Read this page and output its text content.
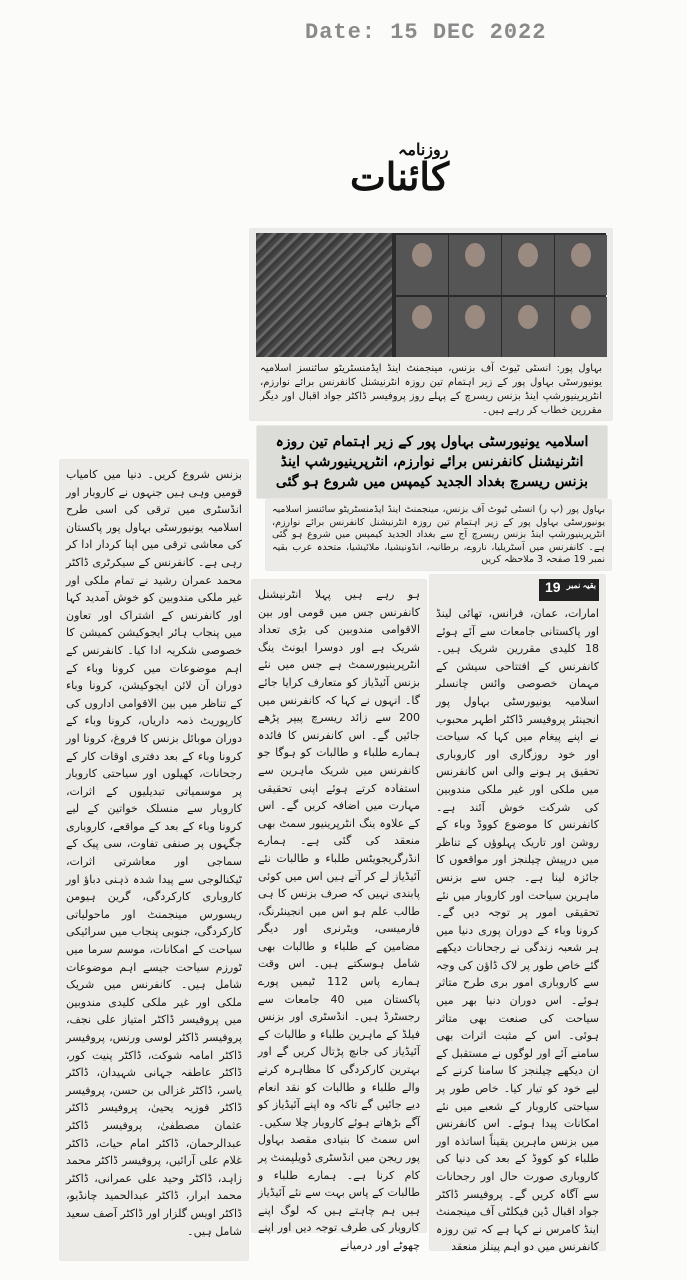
Date: 15 DEC 2022
روزنامہ
کائنات
بہاول پور: انسٹی ٹیوٹ آف بزنس، مینجمنٹ اینڈ ایڈمنسٹریٹو سائنسز اسلامیہ یونیورسٹی بہاول پور کے زیر اہتمام تین روزہ انٹرنیشنل کانفرنس برائے نوارزم، انٹرپرینیورشپ اینڈ بزنس ریسرچ کے پہلے روز پروفیسر ڈاکٹر جواد اقبال اور دیگر مقررین خطاب کر رہے ہیں۔
اسلامیہ یونیورسٹی بہاول پور کے زیر اہتمام تین روزہ انٹرنیشنل کانفرنس برائے نوارزم، انٹرپرینیورشپ اینڈ بزنس ریسرچ بغداد الجدید کیمپس میں شروع ہو گئی
بہاول پور (پ ر) انسٹی ٹیوٹ آف بزنس، مینجمنٹ اینڈ ایڈمنسٹریٹو سائنسز اسلامیہ یونیورسٹی بہاول پور کے زیر اہتمام تین روزہ انٹرنیشنل کانفرنس برائے نوارزم، انٹرپرینیورشپ اینڈ بزنس ریسرچ آج سے بغداد الجدید کیمپس میں شروع ہو گئی ہے۔ کانفرنس میں آسٹریلیا، ناروے، برطانیہ، انڈونیشیا، ملائیشیا، متحدہ عرب بقیہ نمبر 19 صفحہ 3 ملاحظہ کریں
19 بقیہ نمبر
امارات، عمان، فرانس، تھائی لینڈ اور پاکستانی جامعات سے آئے ہوئے 18 کلیدی مقررین شریک ہیں۔ کانفرنس کے افتتاحی سیشن کے مہمان خصوصی وائس چانسلر اسلامیہ یونیورسٹی بہاول پور انجینئر پروفیسر ڈاکٹر اطہر محبوب نے اپنے پیغام میں کہا کہ سیاحت اور خود روزگاری اور کاروباری تحقیق پر ہونے والی اس کانفرنس میں ملکی اور غیر ملکی مندوبین کی شرکت خوش آئند ہے۔ کانفرنس کا موضوع کووڈ وباء کے روشن اور تاریک پہلوؤں کے تناظر میں درپیش چیلنجز اور مواقعوں کا جائزہ لینا ہے۔ جس سے بزنس ماہرین سیاحت اور کاروبار میں نئے تحقیقی امور پر توجہ دیں گے۔ کرونا وباء کے دوران پوری دنیا میں ہر شعبہ زندگی نے رجحانات دیکھے گئے خاص طور پر لاک ڈاؤن کی وجہ سے کاروباری امور بری طرح متاثر ہوئے۔ اس دوران دنیا بھر میں سیاحت کی صنعت بھی متاثر ہوئی۔ اس کے مثبت اثرات بھی سامنے آئے اور لوگوں نے مستقبل کے ان دیکھے چیلنجز کا سامنا کرنے کے لیے خود کو تیار کیا۔ خاص طور پر سیاحتی کاروبار کے شعبے میں نئے امکانات پیدا ہوئے۔ اس کانفرنس میں بزنس ماہرین یقیناً اساتذہ اور طلباء کو کووڈ کے بعد کی دنیا کی کاروباری صورت حال اور رجحانات سے آگاہ کریں گے۔ پروفیسر ڈاکٹر جواد اقبال ڈین فیکلٹی آف مینجمنٹ اینڈ کامرس نے کہا ہے کہ تین روزہ کانفرنس میں دو اہم پینلز منعقد
ہو رہے ہیں پہلا انٹرنیشنل کانفرنس جس میں قومی اور بین الاقوامی مندوبین کی بڑی تعداد شریک ہے اور دوسرا ایونٹ ینگ انٹرپرینیورسمٹ ہے جس میں نئے بزنس آئیڈیاز کو متعارف کرایا جائے گا۔ انہوں نے کہا کہ کانفرنس میں 200 سے زائد ریسرچ پیپر پڑھے جائیں گے۔ اس کانفرنس کا فائدہ ہمارے طلباء و طالبات کو ہوگا جو کانفرنس میں شریک ماہرین سے استفادہ کرتے ہوئے اپنی تحقیقی مہارت میں اضافہ کریں گے۔ اس کے علاوہ ینگ انٹرپرینیور سمٹ بھی منعقد کی گئی ہے۔ ہمارے انڈرگریجویٹس طلباء و طالبات نئے آئیڈیاز لے کر آتے ہیں اس میں کوئی پابندی نہیں کہ صرف بزنس کا ہی طالب علم ہو اس میں انجینئرنگ، فارمیسی، ویٹرنری اور دیگر مضامین کے طلباء و طالبات بھی شامل ہوسکتے ہیں۔ اس وقت ہمارے پاس 112 ٹیمیں پورے پاکستان میں 40 جامعات سے رجسٹرڈ ہیں۔ انڈسٹری اور بزنس فیلڈ کے ماہرین طلباء و طالبات کے آئیڈیاز کی جانچ پڑتال کریں گے اور بہترین کارکردگی کا مظاہرہ کرنے والے طلباء و طالبات کو نقد انعام دیے جائیں گے تاکہ وہ اپنے آئیڈیاز کو آگے بڑھاتے ہوئے کاروبار چلا سکیں۔ اس سمٹ کا بنیادی مقصد بہاول پور ریجن میں انڈسٹری ڈویلپمنٹ پر کام کرنا ہے۔ ہمارے طلباء و طالبات کے پاس بہت سے نئے آئیڈیاز ہیں ہم چاہتے ہیں کہ لوگ اپنے کاروبار کی طرف توجہ دیں اور اپنے چھوٹے اور درمیانے
بزنس شروع کریں۔ دنیا میں کامیاب قومیں وہی ہیں جنہوں نے کاروبار اور انڈسٹری میں ترقی کی اسی طرح اسلامیہ یونیورسٹی بہاول پور پاکستان کی معاشی ترقی میں اپنا کردار ادا کر رہی ہے۔ کانفرنس کے سیکرٹری ڈاکٹر محمد عمران رشید نے تمام ملکی اور غیر ملکی مندوبین کو خوش آمدید کہا اور کانفرنس کے اشتراک اور تعاون میں پنجاب ہائر ایجوکیشن کمیشن کا خصوصی شکریہ ادا کیا۔ کانفرنس کے اہم موضوعات میں کرونا وباء کے دوران آن لائن ایجوکیشن، کرونا وباء کے تناظر میں بین الاقوامی اداروں کی کارپوریٹ ذمہ داریاں، کرونا وباء کے دوران موبائل بزنس کا فروغ، کرونا اور کرونا وباء کے بعد دفتری اوقات کار کے رجحانات، کھیلوں اور سیاحتی کاروبار پر موسمیاتی تبدیلیوں کے اثرات، کاروبار سے منسلک خواتین کے لیے کرونا وباء کے بعد کے مواقعے، کاروباری جگہوں پر صنفی تفاوت، سی پیک کے سماجی اور معاشرتی اثرات، ٹیکنالوجی سے پیدا شدہ ذہنی دباؤ اور کاروباری کارکردگی، گرین ہیومن ریسورس مینجمنٹ اور ماحولیاتی کارکردگی، جنوبی پنجاب میں سرائیکی سیاحت کے امکانات، موسم سرما میں ٹورزم سیاحت جیسے اہم موضوعات شامل ہیں۔ کانفرنس میں شریک ملکی اور غیر ملکی کلیدی مندوبین میں پروفیسر ڈاکٹر امتیاز علی نجف، پروفیسر ڈاکٹر لوسی ورنس، پروفیسر ڈاکٹر امامہ شوکت، ڈاکٹر پنیت کور، ڈاکٹر عاطفہ جہانی شہیدان، ڈاکٹر یاسر، ڈاکٹر غزالی بن حسن، پروفیسر ڈاکٹر فوزیہ یحییٰ، پروفیسر ڈاکٹر عثمان مصطفیٰ، پروفیسر ڈاکٹر عبدالرحمان، ڈاکٹر امام حیات، ڈاکٹر غلام علی آرائیں، پروفیسر ڈاکٹر محمد زاہد، ڈاکٹر وحید علی عمرانی، ڈاکٹر محمد ابرار، ڈاکٹر عبدالحمید چانڈیو، ڈاکٹر اویس گلزار اور ڈاکٹر آصف سعید شامل ہیں۔
